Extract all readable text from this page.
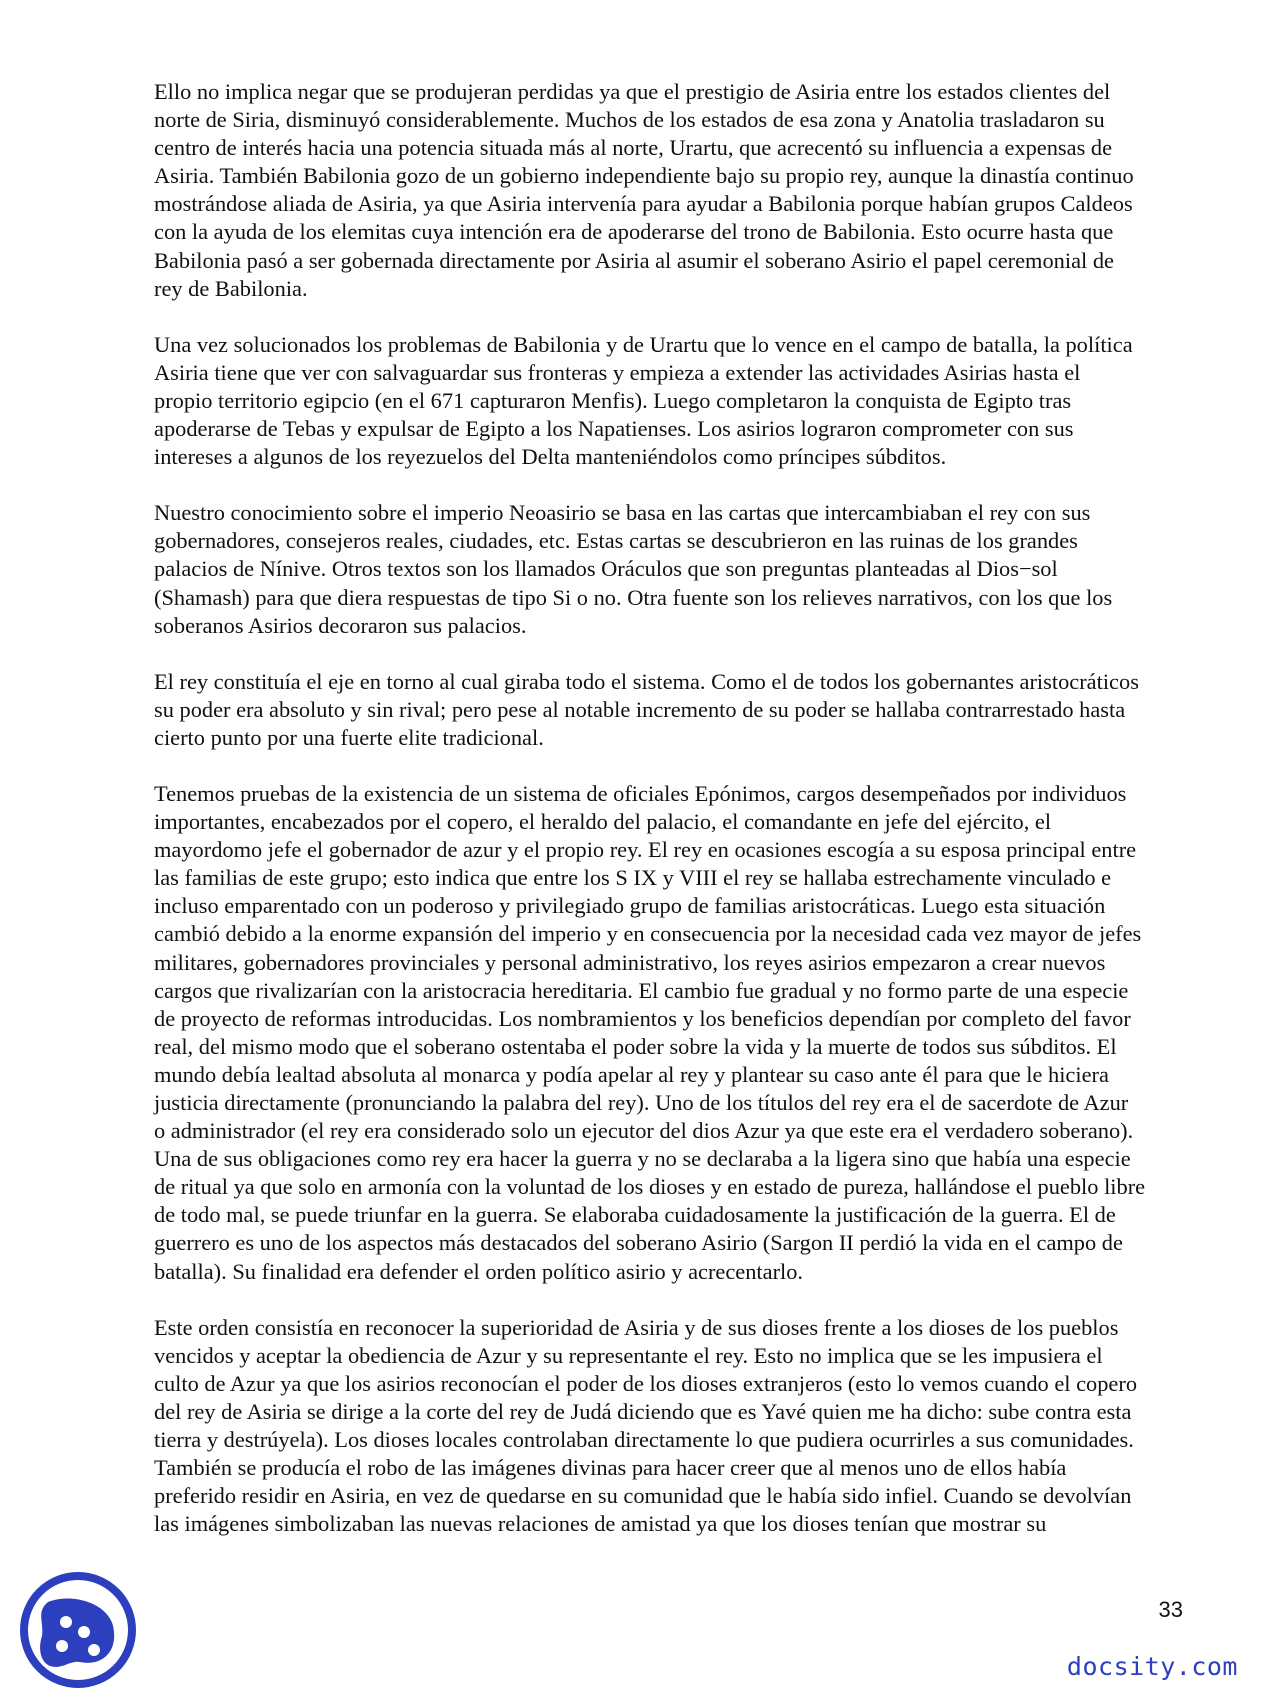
Ello no implica negar que se produjeran perdidas ya que el prestigio de Asiria entre los estados clientes del
norte de Siria, disminuyó considerablemente. Muchos de los estados de esa zona y Anatolia trasladaron su
centro de interés hacia una potencia situada más al norte, Urartu, que acrecentó su influencia a expensas de
Asiria. También Babilonia gozo de un gobierno independiente bajo su propio rey, aunque la dinastía continuo
mostrándose aliada de Asiria, ya que Asiria intervenía para ayudar a Babilonia porque habían grupos Caldeos
con la ayuda de los elemitas cuya intención era de apoderarse del trono de Babilonia. Esto ocurre hasta que
Babilonia pasó a ser gobernada directamente por Asiria al asumir el soberano Asirio el papel ceremonial de
rey de Babilonia.

Una vez solucionados los problemas de Babilonia y de Urartu que lo vence en el campo de batalla, la política
Asiria tiene que ver con salvaguardar sus fronteras y empieza a extender las actividades Asirias hasta el
propio territorio egipcio (en el 671 capturaron Menfis). Luego completaron la conquista de Egipto tras
apoderarse de Tebas y expulsar de Egipto a los Napatienses. Los asirios lograron comprometer con sus
intereses a algunos de los reyezuelos del Delta manteniéndolos como príncipes súbditos.

Nuestro conocimiento sobre el imperio Neoasirio se basa en las cartas que intercambiaban el rey con sus
gobernadores, consejeros reales, ciudades, etc. Estas cartas se descubrieron en las ruinas de los grandes
palacios de Nínive. Otros textos son los llamados Oráculos que son preguntas planteadas al Dios−sol
(Shamash) para que diera respuestas de tipo Si o no. Otra fuente son los relieves narrativos, con los que los
soberanos Asirios decoraron sus palacios.

El rey constituía el eje en torno al cual giraba todo el sistema. Como el de todos los gobernantes aristocráticos
su poder era absoluto y sin rival; pero pese al notable incremento de su poder se hallaba contrarrestado hasta
cierto punto por una fuerte elite tradicional.

Tenemos pruebas de la existencia de un sistema de oficiales Epónimos, cargos desempeñados por individuos
importantes, encabezados por el copero, el heraldo del palacio, el comandante en jefe del ejército, el
mayordomo jefe el gobernador de azur y el propio rey. El rey en ocasiones escogía a su esposa principal entre
las familias de este grupo; esto indica que entre los S IX y VIII el rey se hallaba estrechamente vinculado e
incluso emparentado con un poderoso y privilegiado grupo de familias aristocráticas. Luego esta situación
cambió debido a la enorme expansión del imperio y en consecuencia por la necesidad cada vez mayor de jefes
militares, gobernadores provinciales y personal administrativo, los reyes asirios empezaron a crear nuevos
cargos que rivalizarían con la aristocracia hereditaria. El cambio fue gradual y no formo parte de una especie
de proyecto de reformas introducidas. Los nombramientos y los beneficios dependían por completo del favor
real, del mismo modo que el soberano ostentaba el poder sobre la vida y la muerte de todos sus súbditos. El
mundo debía lealtad absoluta al monarca y podía apelar al rey y plantear su caso ante él para que le hiciera
justicia directamente (pronunciando la palabra del rey). Uno de los títulos del rey era el de sacerdote de Azur
o administrador (el rey era considerado solo un ejecutor del dios Azur ya que este era el verdadero soberano).
Una de sus obligaciones como rey era hacer la guerra y no se declaraba a la ligera sino que había una especie
de ritual ya que solo en armonía con la voluntad de los dioses y en estado de pureza, hallándose el pueblo libre
de todo mal, se puede triunfar en la guerra. Se elaboraba cuidadosamente la justificación de la guerra. El de
guerrero es uno de los aspectos más destacados del soberano Asirio (Sargon II perdió la vida en el campo de
batalla). Su finalidad era defender el orden político asirio y acrecentarlo.

Este orden consistía en reconocer la superioridad de Asiria y de sus dioses frente a los dioses de los pueblos
vencidos y aceptar la obediencia de Azur y su representante el rey. Esto no implica que se les impusiera el
culto de Azur ya que los asirios reconocían el poder de los dioses extranjeros (esto lo vemos cuando el copero
del rey de Asiria se dirige a la corte del rey de Judá diciendo que es Yavé quien me ha dicho: sube contra esta
tierra y destrúyela). Los dioses locales controlaban directamente lo que pudiera ocurrirles a sus comunidades.
También se producía el robo de las imágenes divinas para hacer creer que al menos uno de ellos había
preferido residir en Asiria, en vez de quedarse en su comunidad que le había sido infiel. Cuando se devolvían
las imágenes simbolizaban las nuevas relaciones de amistad ya que los dioses tenían que mostrar su

33
docsity.com
